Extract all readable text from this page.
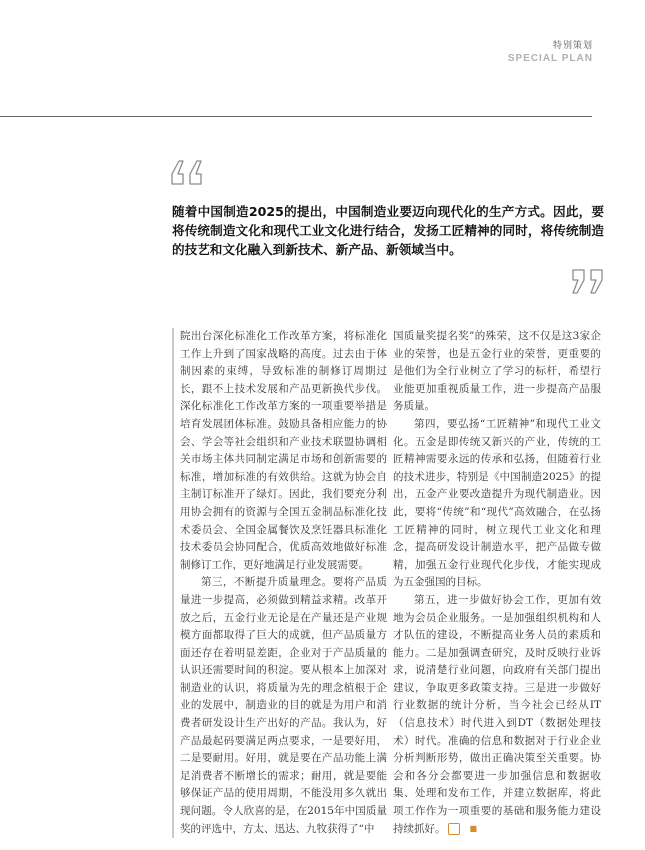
特别策划
SPECIAL PLAN

随着中国制造2025的提出，中国制造业要迈向现代化的生产方式。因此，要将传统制造文化和现代工业文化进行结合，发扬工匠精神的同时，将传统制造的技艺和文化融入到新技术、新产品、新领域当中。

院出台深化标准化工作改革方案，将标准化工作上升到了国家战略的高度。过去由于体制因素的束缚，导致标准的制修订周期过长，跟不上技术发展和产品更新换代步伐。深化标准化工作改革方案的一项重要举措是培育发展团体标准。鼓励具备相应能力的协会、学会等社会组织和产业技术联盟协调相关市场主体共同制定满足市场和创新需要的标准，增加标准的有效供给。这就为协会自主制订标准开了绿灯。因此，我们要充分利用协会拥有的资源与全国五金制品标准化技术委员会、全国金属餐饮及烹饪器具标准化技术委员会协同配合，优质高效地做好标准制修订工作，更好地满足行业发展需要。

第三，不断提升质量理念。要将产品质量进一步提高，必须做到精益求精。改革开放之后，五金行业无论是在产量还是产业规模方面都取得了巨大的成就，但产品质量方面还存在着明显差距，企业对于产品质量的认识还需要时间的积淀。要从根本上加深对制造业的认识，将质量为先的理念植根于企业的发展中，制造业的目的就是为用户和消费者研发设计生产出好的产品。我认为，好产品最起码要满足两点要求，一是要好用，二是要耐用。好用，就是要在产品功能上满足消费者不断增长的需求；耐用，就是要能够保证产品的使用周期，不能没用多久就出现问题。令人欣喜的是，在2015年中国质量奖的评选中，方太、迅达、九牧获得了“中

国质量奖提名奖”的殊荣，这不仅是这3家企业的荣誉，也是五金行业的荣誉，更重要的是他们为全行业树立了学习的标杆，希望行业能更加重视质量工作，进一步提高产品服务质量。

第四，要弘扬“工匠精神”和现代工业文化。五金是即传统又新兴的产业，传统的工匠精神需要永远的传承和弘扬，但随着行业的技术进步，特别是《中国制造2025》的提出，五金产业要改造提升为现代制造业。因此，要将“传统”和“现代”高效融合，在弘扬工匠精神的同时，树立现代工业文化和理念，提高研发设计制造水平，把产品做专做精，加强五金行业现代化步伐，才能实现成为五金强国的目标。

第五，进一步做好协会工作，更加有效地为会员企业服务。一是加强组织机构和人才队伍的建设，不断提高业务人员的素质和能力。二是加强调查研究，及时反映行业诉求，说清楚行业问题，向政府有关部门提出建议，争取更多政策支持。三是进一步做好行业数据的统计分析，当今社会已经从IT（信息技术）时代进入到DT（数据处理技术）时代。准确的信息和数据对于行业企业分析判断形势，做出正确决策至关重要。协会和各分会都要进一步加强信息和数据收集、处理和发布工作，并建立数据库，将此项工作作为一项重要的基础和服务能力建设持续抓好。	■
